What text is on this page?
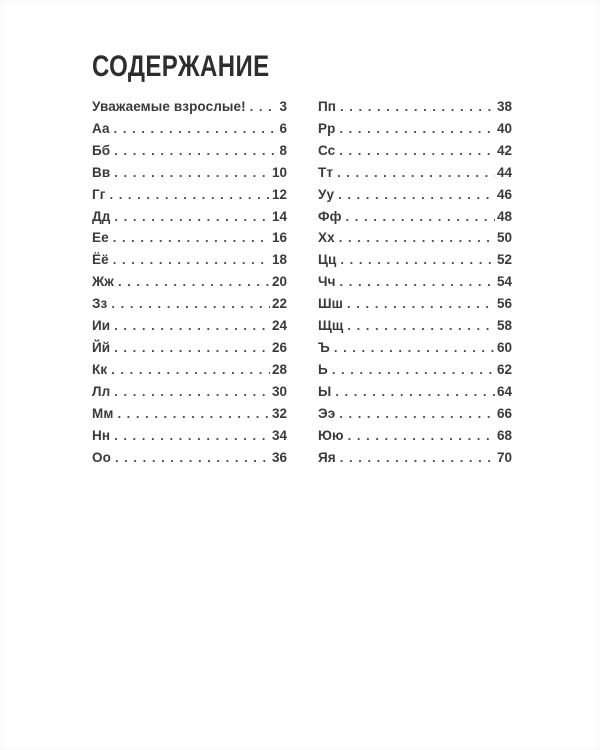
СОДЕРЖАНИЕ
Уважаемые взрослые! . . .	3
Аа . . .	6
Бб . . .	8
Вв . . .	10
Гг . . .	12
Дд . . .	14
Ее . . .	16
Ёё . . .	18
Жж . . .	20
Зз . . .	22
Ии . . .	24
Йй . . .	26
Кк . . .	28
Лл . . .	30
Мм . . .	32
Нн . . .	34
Оо . . .	36
Пп . . .	38
Рр . . .	40
Сс . . .	42
Тт . . .	44
Уу . . .	46
Фф . . .	48
Хх . . .	50
Цц . . .	52
Чч . . .	54
Шш . . .	56
Щщ . . .	58
Ъ . . .	60
Ь . . .	62
Ы . . .	64
Ээ . . .	66
Юю . . .	68
Яя . . .	70
